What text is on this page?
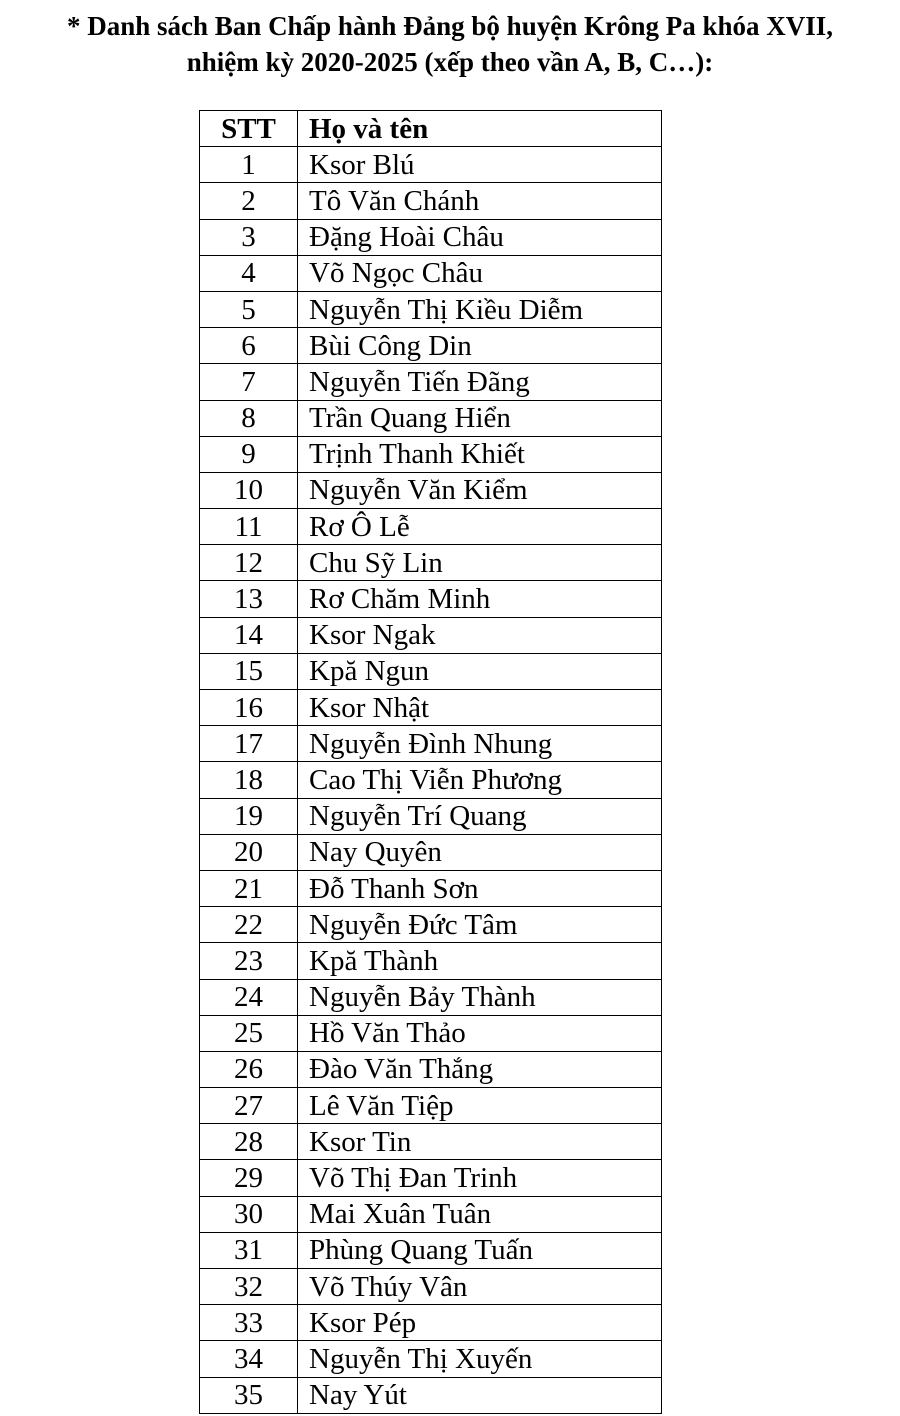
* Danh sách Ban Chấp hành Đảng bộ huyện Krông Pa khóa XVII,
nhiệm kỳ 2020-2025 (xếp theo vần A, B, C…):
STT	Họ và tên
1	Ksor Blú
2	Tô Văn Chánh
3	Đặng Hoài Châu
4	Võ Ngọc Châu
5	Nguyễn Thị Kiều Diễm
6	Bùi Công Din
7	Nguyễn Tiến Đãng
8	Trần Quang Hiển
9	Trịnh Thanh Khiết
10	Nguyễn Văn Kiểm
11	Rơ Ô Lễ
12	Chu Sỹ Lin
13	Rơ Chăm Minh
14	Ksor Ngak
15	Kpă Ngun
16	Ksor Nhật
17	Nguyễn Đình Nhung
18	Cao Thị Viễn Phương
19	Nguyễn Trí Quang
20	Nay Quyên
21	Đỗ Thanh Sơn
22	Nguyễn Đức Tâm
23	Kpă Thành
24	Nguyễn Bảy Thành
25	Hồ Văn Thảo
26	Đào Văn Thắng
27	Lê Văn Tiệp
28	Ksor Tin
29	Võ Thị Đan Trinh
30	Mai Xuân Tuân
31	Phùng Quang Tuấn
32	Võ Thúy Vân
33	Ksor Pép
34	Nguyễn Thị Xuyến
35	Nay Yút
